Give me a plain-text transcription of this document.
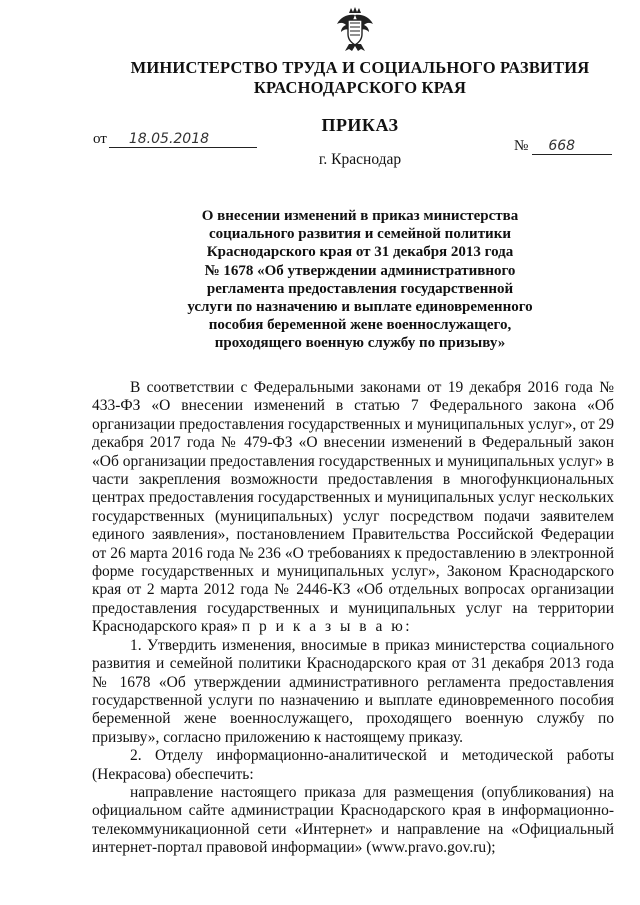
МИНИСТЕРСТВО ТРУДА И СОЦИАЛЬНОГО РАЗВИТИЯ
КРАСНОДАРСКОГО КРАЯ
ПРИКАЗ
от 18.05.2018	№ 668
г. Краснодар
О внесении изменений в приказ министерства
социального развития и семейной политики
Краснодарского края от 31 декабря 2013 года
№ 1678 «Об утверждении административного
регламента предоставления государственной
услуги по назначению и выплате единовременного
пособия беременной жене военнослужащего,
проходящего военную службу по призыву»

В соответствии с Федеральными законами от 19 декабря 2016 года № 433-ФЗ «О внесении изменений в статью 7 Федерального закона «Об организации предоставления государственных и муниципальных услуг», от 29 декабря 2017 года № 479-ФЗ «О внесении изменений в Федеральный закон «Об организации предоставления государственных и муниципальных услуг» в части закрепления возможности предоставления в многофункциональных центрах предоставления государственных и муниципальных услуг нескольких государственных (муниципальных) услуг посредством подачи заявителем единого заявления», постановлением Правительства Российской Федерации от 26 марта 2016 года № 236 «О требованиях к предоставлению в электронной форме государственных и муниципальных услуг», Законом Краснодарского края от 2 марта 2012 года № 2446-КЗ «Об отдельных вопросах организации предоставления государственных и муниципальных услуг на территории Краснодарского края» п р и к а з ы в а ю:

1. Утвердить изменения, вносимые в приказ министерства социального развития и семейной политики Краснодарского края от 31 декабря 2013 года № 1678 «Об утверждении административного регламента предоставления государственной услуги по назначению и выплате единовременного пособия беременной жене военнослужащего, проходящего военную службу по призыву», согласно приложению к настоящему приказу.

2. Отделу информационно-аналитической и методической работы (Некрасова) обеспечить:

направление настоящего приказа для размещения (опубликования) на официальном сайте администрации Краснодарского края в информационно-телекоммуникационной сети «Интернет» и направление на «Официальный интернет-портал правовой информации» (www.pravo.gov.ru);
